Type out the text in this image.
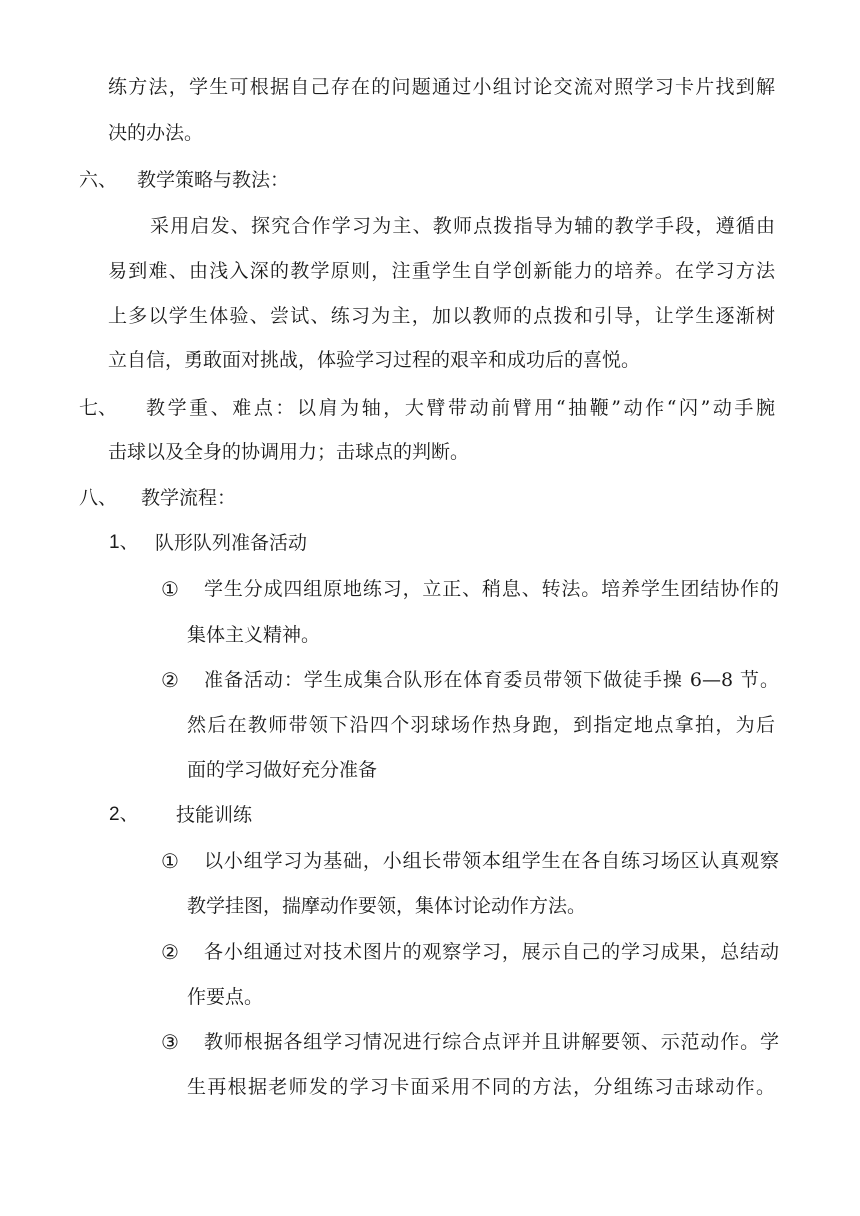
练方法，学生可根据自己存在的问题通过小组讨论交流对照学习卡片找到解
决的办法。
六、 教学策略与教法：
采用启发、探究合作学习为主、教师点拨指导为辅的教学手段，遵循由
易到难、由浅入深的教学原则，注重学生自学创新能力的培养。在学习方法
上多以学生体验、尝试、练习为主，加以教师的点拨和引导，让学生逐渐树
立自信，勇敢面对挑战，体验学习过程的艰辛和成功后的喜悦。
七、 教学重、难点：以肩为轴，大臂带动前臂用“抽鞭”动作“闪”动手腕
击球以及全身的协调用力；击球点的判断。
八、 教学流程：
1、 队形队列准备活动
① 学生分成四组原地练习，立正、稍息、转法。培养学生团结协作的
集体主义精神。
② 准备活动：学生成集合队形在体育委员带领下做徒手操 6—8 节。
然后在教师带领下沿四个羽球场作热身跑，到指定地点拿拍，为后
面的学习做好充分准备
2、 技能训练
① 以小组学习为基础，小组长带领本组学生在各自练习场区认真观察
教学挂图，揣摩动作要领，集体讨论动作方法。
② 各小组通过对技术图片的观察学习，展示自己的学习成果，总结动
作要点。
③ 教师根据各组学习情况进行综合点评并且讲解要领、示范动作。学
生再根据老师发的学习卡面采用不同的方法，分组练习击球动作。
